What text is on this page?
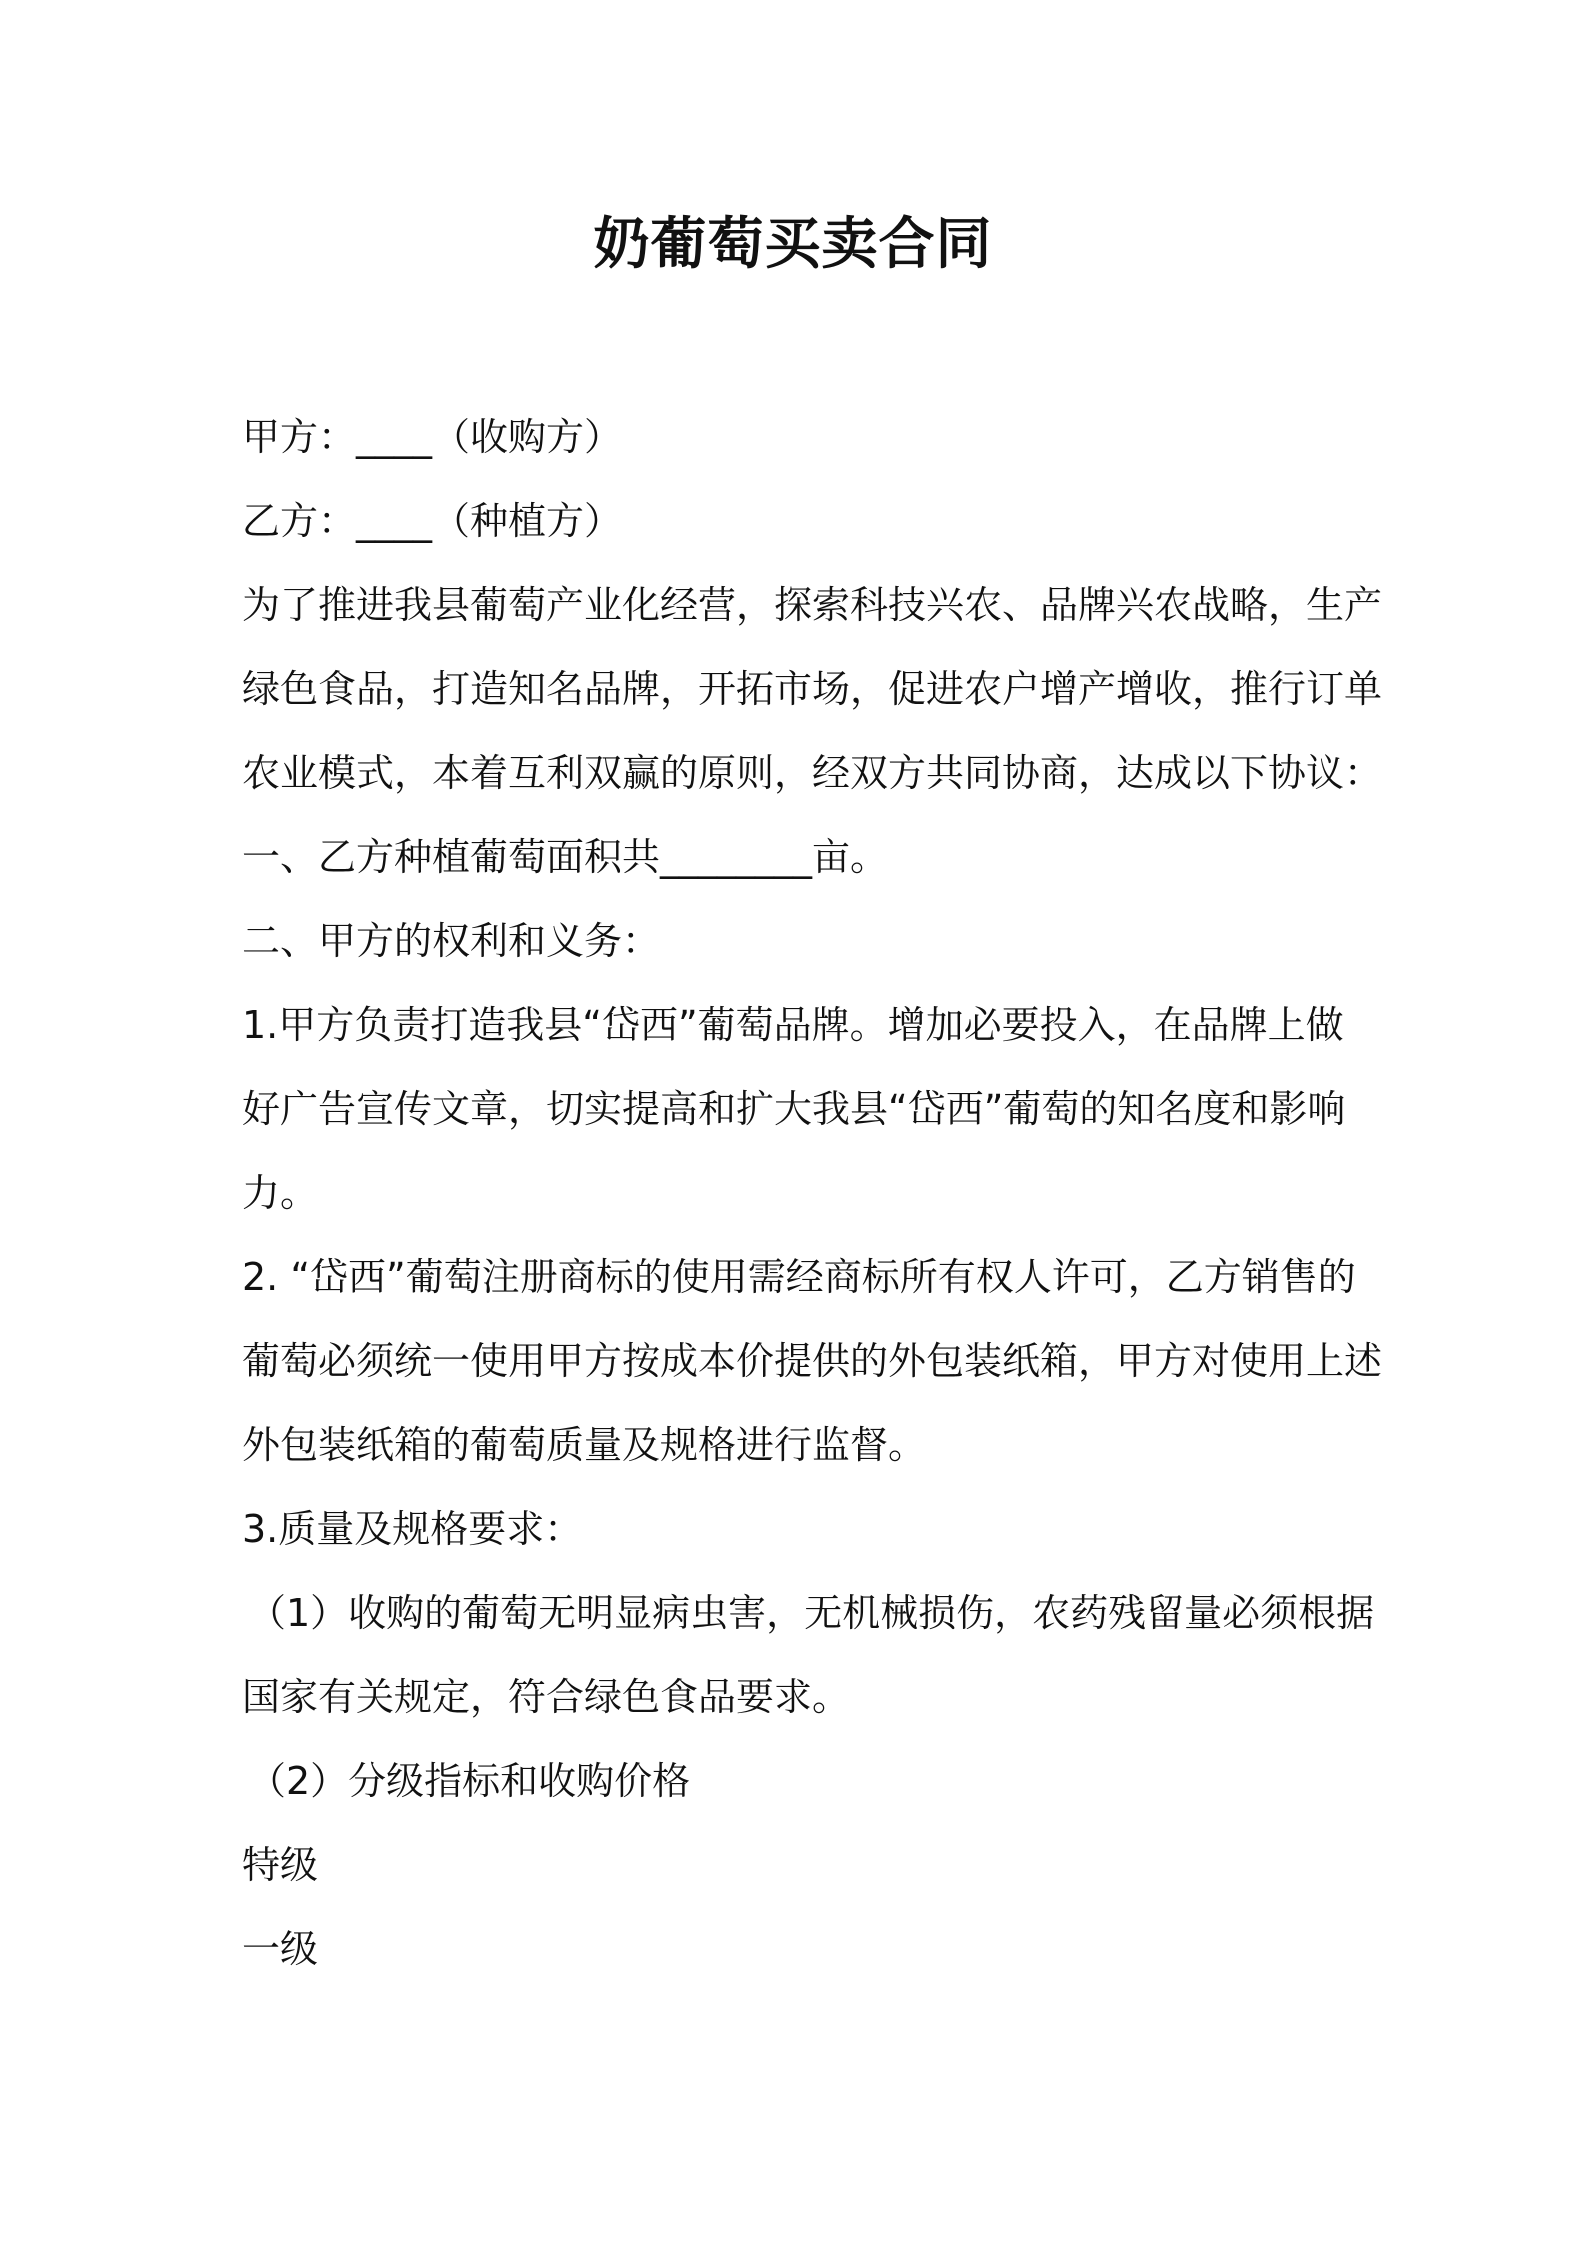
奶葡萄买卖合同
甲方：____（收购方）
乙方：____（种植方）
为了推进我县葡萄产业化经营，探索科技兴农、品牌兴农战略，生产
绿色食品，打造知名品牌，开拓市场，促进农户增产增收，推行订单
农业模式，本着互利双赢的原则，经双方共同协商，达成以下协议：
一、乙方种植葡萄面积共________亩。
二、甲方的权利和义务：
1.甲方负责打造我县“岱西”葡萄品牌。增加必要投入，在品牌上做
好广告宣传文章，切实提高和扩大我县“岱西”葡萄的知名度和影响
力。
2. “岱西”葡萄注册商标的使用需经商标所有权人许可，乙方销售的
葡萄必须统一使用甲方按成本价提供的外包装纸箱，甲方对使用上述
外包装纸箱的葡萄质量及规格进行监督。
3.质量及规格要求：
（1）收购的葡萄无明显病虫害，无机械损伤，农药残留量必须根据
国家有关规定，符合绿色食品要求。
（2）分级指标和收购价格
特级
一级
